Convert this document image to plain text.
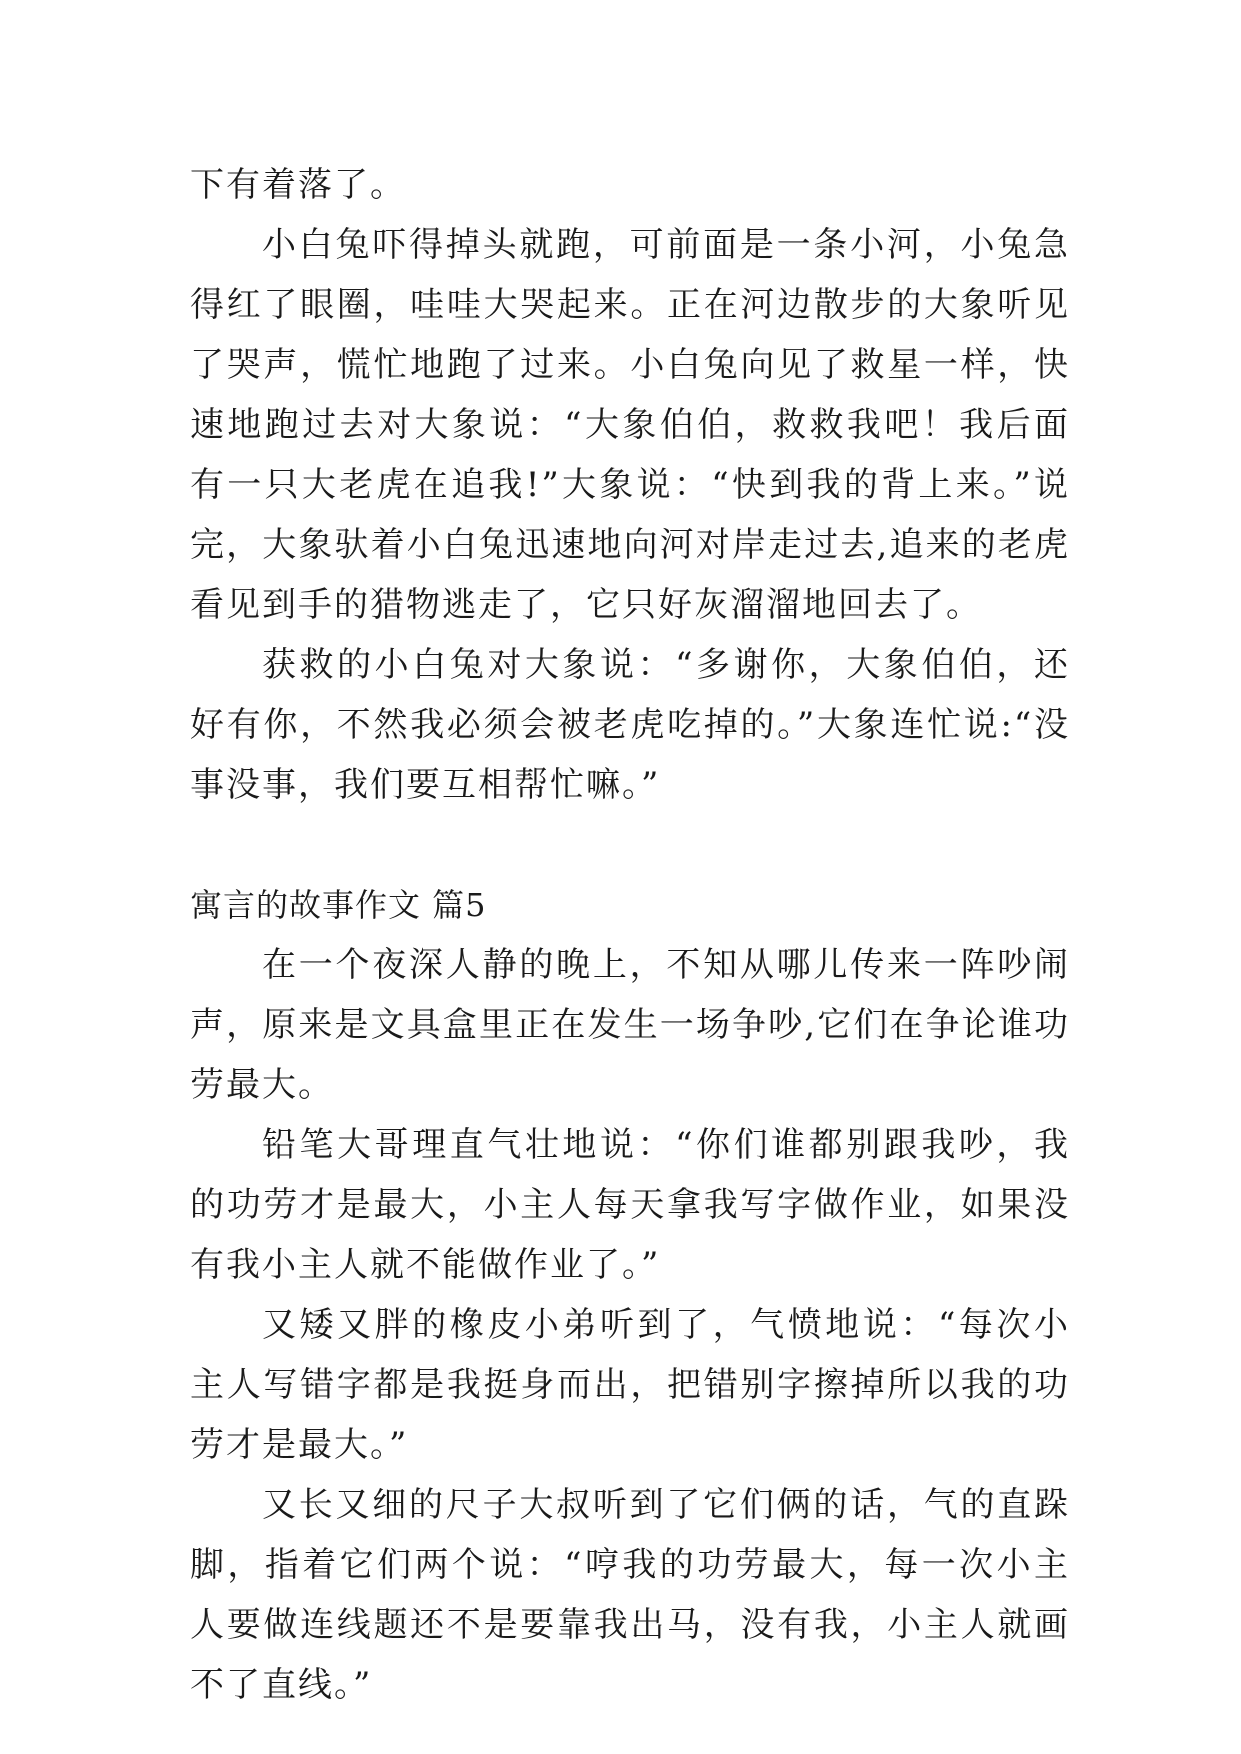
下有着落了。

小白兔吓得掉头就跑，可前面是一条小河，小兔急得红了眼圈，哇哇大哭起来。正在河边散步的大象听见了哭声，慌忙地跑了过来。小白兔向见了救星一样，快速地跑过去对大象说：“大象伯伯，救救我吧！我后面有一只大老虎在追我!”大象说：“快到我的背上来。”说完，大象驮着小白兔迅速地向河对岸走过去,追来的老虎看见到手的猎物逃走了，它只好灰溜溜地回去了。

获救的小白兔对大象说：“多谢你，大象伯伯，还好有你，不然我必须会被老虎吃掉的。”大象连忙说:“没事没事，我们要互相帮忙嘛。”

寓言的故事作文 篇5

在一个夜深人静的晚上，不知从哪儿传来一阵吵闹声，原来是文具盒里正在发生一场争吵,它们在争论谁功劳最大。

铅笔大哥理直气壮地说：“你们谁都别跟我吵，我的功劳才是最大，小主人每天拿我写字做作业，如果没有我小主人就不能做作业了。”

又矮又胖的橡皮小弟听到了，气愤地说：“每次小主人写错字都是我挺身而出，把错别字擦掉所以我的功劳才是最大。”

又长又细的尺子大叔听到了它们俩的话，气的直跺脚，指着它们两个说：“哼我的功劳最大，每一次小主人要做连线题还不是要靠我出马，没有我，小主人就画不了直线。”
